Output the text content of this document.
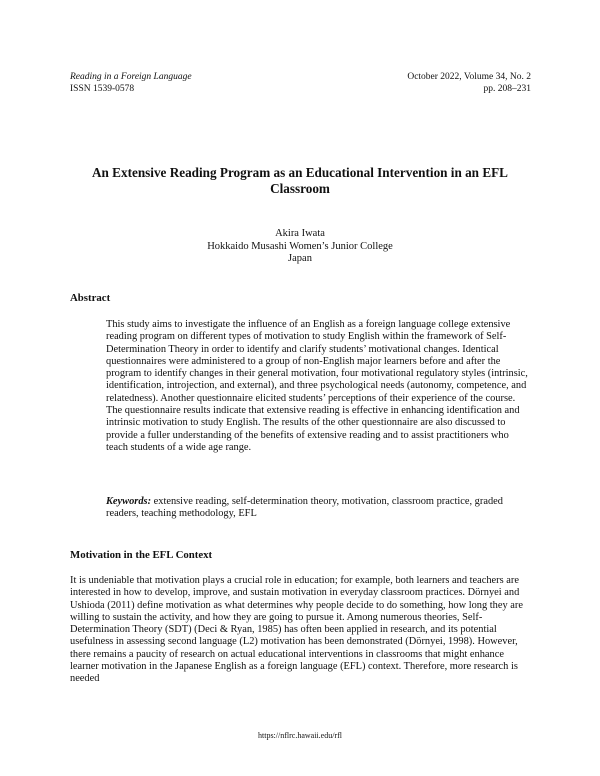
Reading in a Foreign Language
ISSN 1539-0578
October 2022, Volume 34, No. 2
pp. 208–231
An Extensive Reading Program as an Educational Intervention in an EFL Classroom
Akira Iwata
Hokkaido Musashi Women’s Junior College
Japan
Abstract

This study aims to investigate the influence of an English as a foreign language college extensive reading program on different types of motivation to study English within the framework of Self-Determination Theory in order to identify and clarify students’ motivational changes. Identical questionnaires were administered to a group of non-English major learners before and after the program to identify changes in their general motivation, four motivational regulatory styles (intrinsic, identification, introjection, and external), and three psychological needs (autonomy, competence, and relatedness). Another questionnaire elicited students’ perceptions of their experience of the course. The questionnaire results indicate that extensive reading is effective in enhancing identification and intrinsic motivation to study English. The results of the other questionnaire are also discussed to provide a fuller understanding of the benefits of extensive reading and to assist practitioners who teach students of a wide age range.

Keywords: extensive reading, self-determination theory, motivation, classroom practice, graded readers, teaching methodology, EFL

Motivation in the EFL Context

It is undeniable that motivation plays a crucial role in education; for example, both learners and teachers are interested in how to develop, improve, and sustain motivation in everyday classroom practices. Dörnyei and Ushioda (2011) define motivation as what determines why people decide to do something, how long they are willing to sustain the activity, and how they are going to pursue it. Among numerous theories, Self-Determination Theory (SDT) (Deci & Ryan, 1985) has often been applied in research, and its potential usefulness in assessing second language (L2) motivation has been demonstrated (Dörnyei, 1998). However, there remains a paucity of research on actual educational interventions in classrooms that might enhance learner motivation in the Japanese English as a foreign language (EFL) context. Therefore, more research is needed

https://nflrc.hawaii.edu/rfl
